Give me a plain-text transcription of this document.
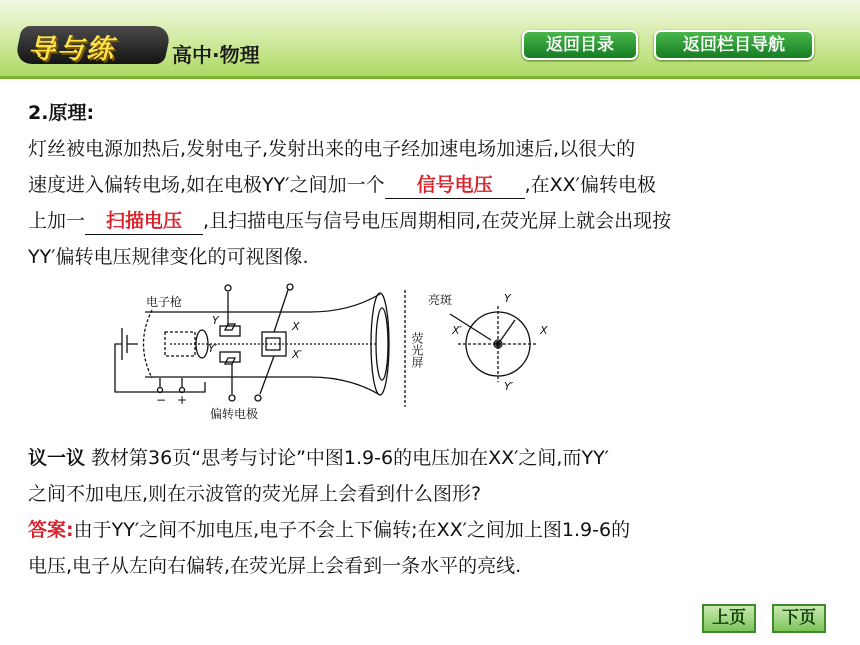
导与练	高中·物理	返回目录	返回栏目导航
2.原理:
灯丝被电源加热后,发射电子,发射出来的电子经加速电场加速后,以很大的
速度进入偏转电场,如在电极YY′之间加一个 信号电压 ,在XX′偏转电极
上加一 扫描电压 ,且扫描电压与信号电压周期相同,在荧光屏上就会出现按
YY′偏转电压规律变化的可视图像.
电子枪
偏转电极
亮斑
X
X′
Y
Y′
Y
Y′
X
X′
− +
荧光屏
议一议 教材第36页“思考与讨论”中图1.9-6的电压加在XX′之间,而YY′
之间不加电压,则在示波管的荧光屏上会看到什么图形?
答案:由于YY′之间不加电压,电子不会上下偏转;在XX′之间加上图1.9-6的
电压,电子从左向右偏转,在荧光屏上会看到一条水平的亮线.
上页	下页
